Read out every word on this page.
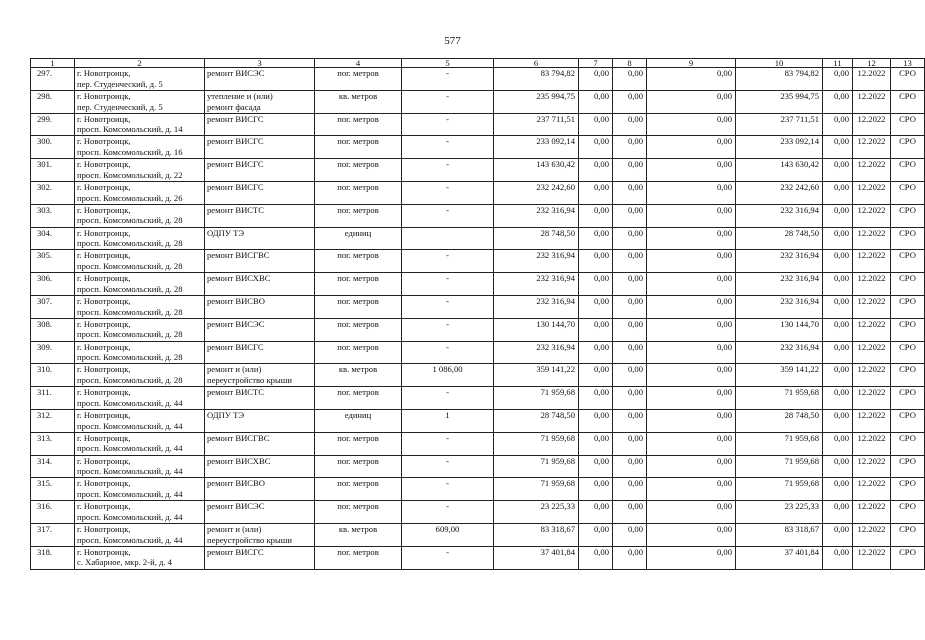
577
1	2	3	4	5	6	7	8	9	10	11	12	13
297.	г. Новотроицк,
пер. Студенческий, д. 5	ремонт ВИСЭС	пог. метров	-	83 794,82	0,00	0,00	0,00	83 794,82	0,00	12.2022	СРО
298.	г. Новотроицк,
пер. Студенческий, д. 5	утепление и (или)
ремонт фасада	кв. метров	-	235 994,75	0,00	0,00	0,00	235 994,75	0,00	12.2022	СРО
299.	г. Новотроицк,
просп. Комсомольский, д. 14	ремонт ВИСГС	пог. метров	-	237 711,51	0,00	0,00	0,00	237 711,51	0,00	12.2022	СРО
300.	г. Новотроицк,
просп. Комсомольский, д. 16	ремонт ВИСГС	пог. метров	-	233 092,14	0,00	0,00	0,00	233 092,14	0,00	12.2022	СРО
301.	г. Новотроицк,
просп. Комсомольский, д. 22	ремонт ВИСГС	пог. метров	-	143 630,42	0,00	0,00	0,00	143 630,42	0,00	12.2022	СРО
302.	г. Новотроицк,
просп. Комсомольский, д. 26	ремонт ВИСГС	пог. метров	-	232 242,60	0,00	0,00	0,00	232 242,60	0,00	12.2022	СРО
303.	г. Новотроицк,
просп. Комсомольский, д. 28	ремонт ВИСТС	пог. метров	-	232 316,94	0,00	0,00	0,00	232 316,94	0,00	12.2022	СРО
304.	г. Новотроицк,
просп. Комсомольский, д. 28	ОДПУ ТЭ	единиц		28 748,50	0,00	0,00	0,00	28 748,50	0,00	12.2022	СРО
305.	г. Новотроицк,
просп. Комсомольский, д. 28	ремонт ВИСГВС	пог. метров	-	232 316,94	0,00	0,00	0,00	232 316,94	0,00	12.2022	СРО
306.	г. Новотроицк,
просп. Комсомольский, д. 28	ремонт ВИСХВС	пог. метров	-	232 316,94	0,00	0,00	0,00	232 316,94	0,00	12.2022	СРО
307.	г. Новотроицк,
просп. Комсомольский, д. 28	ремонт ВИСВО	пог. метров	-	232 316,94	0,00	0,00	0,00	232 316,94	0,00	12.2022	СРО
308.	г. Новотроицк,
просп. Комсомольский, д. 28	ремонт ВИСЭС	пог. метров	-	130 144,70	0,00	0,00	0,00	130 144,70	0,00	12.2022	СРО
309.	г. Новотроицк,
просп. Комсомольский, д. 28	ремонт ВИСГС	пог. метров	-	232 316,94	0,00	0,00	0,00	232 316,94	0,00	12.2022	СРО
310.	г. Новотроицк,
просп. Комсомольский, д. 28	ремонт и (или)
переустройство крыши	кв. метров	1 086,00	359 141,22	0,00	0,00	0,00	359 141,22	0,00	12.2022	СРО
311.	г. Новотроицк,
просп. Комсомольский, д. 44	ремонт ВИСТС	пог. метров	-	71 959,68	0,00	0,00	0,00	71 959,68	0,00	12.2022	СРО
312.	г. Новотроицк,
просп. Комсомольский, д. 44	ОДПУ ТЭ	единиц	1	28 748,50	0,00	0,00	0,00	28 748,50	0,00	12.2022	СРО
313.	г. Новотроицк,
просп. Комсомольский, д. 44	ремонт ВИСГВС	пог. метров	-	71 959,68	0,00	0,00	0,00	71 959,68	0,00	12.2022	СРО
314.	г. Новотроицк,
просп. Комсомольский, д. 44	ремонт ВИСХВС	пог. метров	-	71 959,68	0,00	0,00	0,00	71 959,68	0,00	12.2022	СРО
315.	г. Новотроицк,
просп. Комсомольский, д. 44	ремонт ВИСВО	пог. метров	-	71 959,68	0,00	0,00	0,00	71 959,68	0,00	12.2022	СРО
316.	г. Новотроицк,
просп. Комсомольский, д. 44	ремонт ВИСЭС	пог. метров	-	23 225,33	0,00	0,00	0,00	23 225,33	0,00	12.2022	СРО
317.	г. Новотроицк,
просп. Комсомольский, д. 44	ремонт и (или)
переустройство крыши	кв. метров	609,00	83 318,67	0,00	0,00	0,00	83 318,67	0,00	12.2022	СРО
318.	г. Новотроицк,
с. Хабарное, мкр. 2-й, д. 4	ремонт ВИСГС	пог. метров	-	37 401,84	0,00	0,00	0,00	37 401,84	0,00	12.2022	СРО
